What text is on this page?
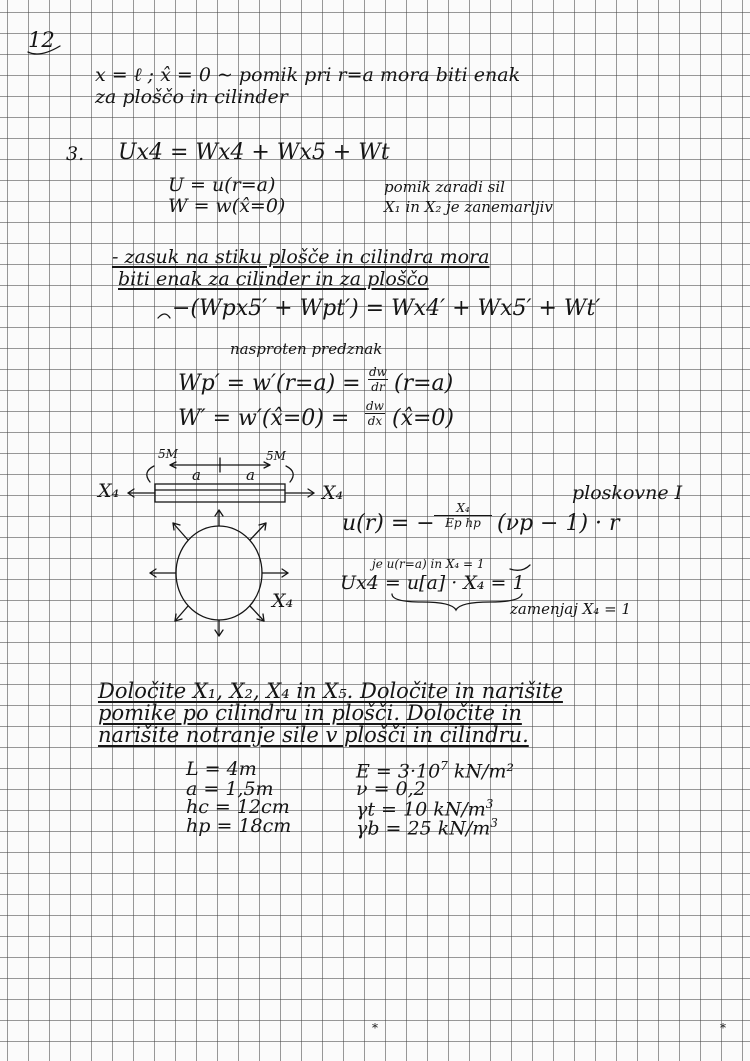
12
x = ℓ ; x̂ = 0 ~ pomik pri r=a mora biti enak
za ploščo in cilinder
3. Ux4 = Wx4 + Wx5 + Wt
U = u(r=a)
W = w(x̂=0)
pomik zaradi sil
X₁ in X₂ je zanemarljiv
- zasuk na stiku plošče in cilindra mora
biti enak za cilinder in za ploščo
−(Wpx5′ + Wpt′) = Wx4′ + Wx5′ + Wt′
nasproten predznak
$Wp' = w'(r=a) = \frac{dw}{dr} (r=a)$
W′ = w′(x̂=0) = $\frac{dw}{dx}$ (x̂=0)
5M	5M
a	a
X₄	X₄
X₄
ploskovne I
u(r) = − $\frac{\text{X₄}}{\text{Ep hp}} (\nu p - 1) \cdot r$
je u(r=a) in X₄ = 1
Ux4 = u[a] · X₄ = 1
zamenjaj X₄ = 1
Določite X₁, X₂, X₄ in X₅. Določite in narišite
pomike po cilindru in plošči. Določite in
narišite notranje sile v plošči in cilindru.
L = 4m
a = 1,5m
hc = 12cm
hp = 18cm
$E = 3\cdot 10^7$ kN/m²
ν = 0,2
γt = 10 $kN/m^3$
γb = 25 $kN/m^3$
*	*
